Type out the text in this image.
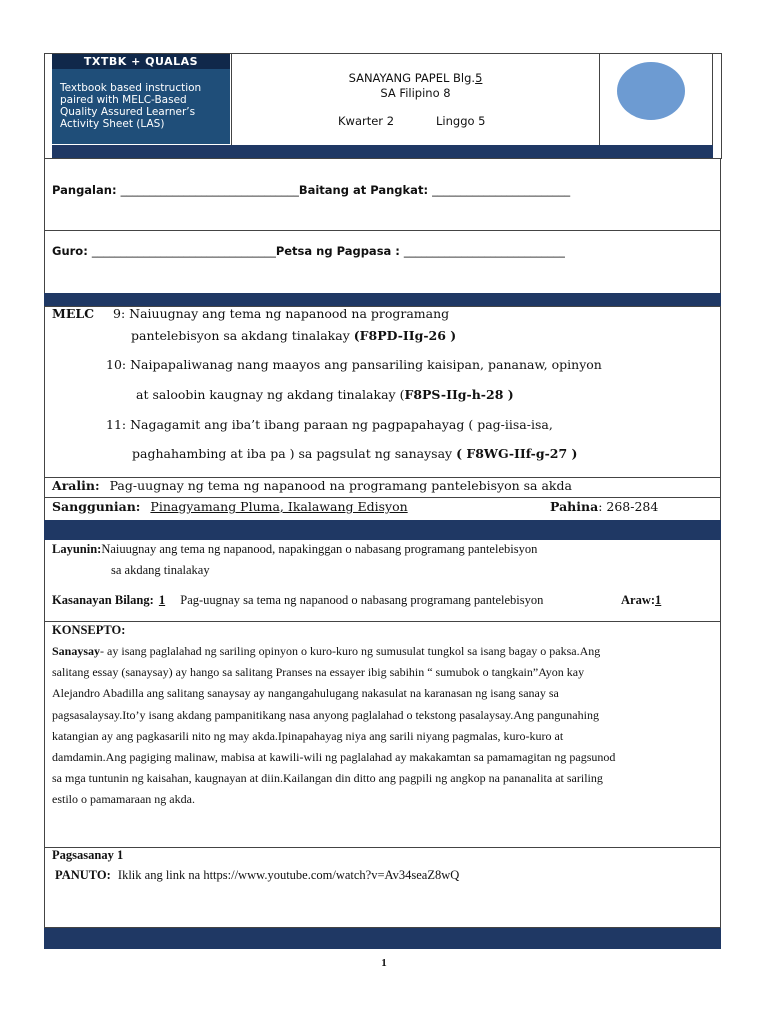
TXTBK + QUALAS
Textbook based instruction paired with MELC-Based Quality Assured Learner’s Activity Sheet (LAS)
SANAYANG PAPEL Blg.5
SA Filipino 8
Kwarter 2	Linggo 5
Pangalan: _______________________________Baitang at Pangkat: ________________________
Guro: ________________________________Petsa ng Pagpasa : ____________________________
MELC 9: Naiuugnay ang tema ng napanood na programang
pantelebisyon sa akdang tinalakay (F8PD-IIg-26 )
10: Naipapaliwanag nang maayos ang pansariling kaisipan, pananaw, opinyon
at saloobin kaugnay ng akdang tinalakay (F8PS-IIg-h-28 )
11: Nagagamit ang iba’t ibang paraan ng pagpapahayag ( pag-iisa-isa,
paghahambing at iba pa ) sa pagsulat ng sanaysay ( F8WG-IIf-g-27 )
Aralin: Pag-uugnay ng tema ng napanood na programang pantelebisyon sa akda
Sanggunian: Pinagyamang Pluma, Ikalawang Edisyon	Pahina: 268-284
Layunin:Naiuugnay ang tema ng napanood, napakinggan o nabasang programang pantelebisyon
sa akdang tinalakay
Kasanayan Bilang: 1 Pag-uugnay sa tema ng napanood o nabasang programang pantelebisyon	Araw:1
KONSEPTO:
Sanaysay- ay isang paglalahad ng sariling opinyon o kuro-kuro ng sumusulat tungkol sa isang bagay o paksa.Ang
salitang essay (sanaysay) ay hango sa salitang Pranses na essayer ibig sabihin “ sumubok o tangkain”Ayon kay
Alejandro Abadilla ang salitang sanaysay ay nangangahulugang nakasulat na karanasan ng isang sanay sa
pagsasalaysay.Ito’y isang akdang pampanitikang nasa anyong paglalahad o tekstong pasalaysay.Ang pangunahing
katangian ay ang pagkasarili nito ng may akda.Ipinapahayag niya ang sarili niyang pagmalas, kuro-kuro at
damdamin.Ang pagiging malinaw, mabisa at kawili-wili ng paglalahad ay makakamtan sa pamamagitan ng pagsunod
sa mga tuntunin ng kaisahan, kaugnayan at diin.Kailangan din ditto ang pagpili ng angkop na pananalita at sariling
estilo o pamamaraan ng akda.
Pagsasanay 1
PANUTO: Iklik ang link na https://www.youtube.com/watch?v=Av34seaZ8wQ
1
